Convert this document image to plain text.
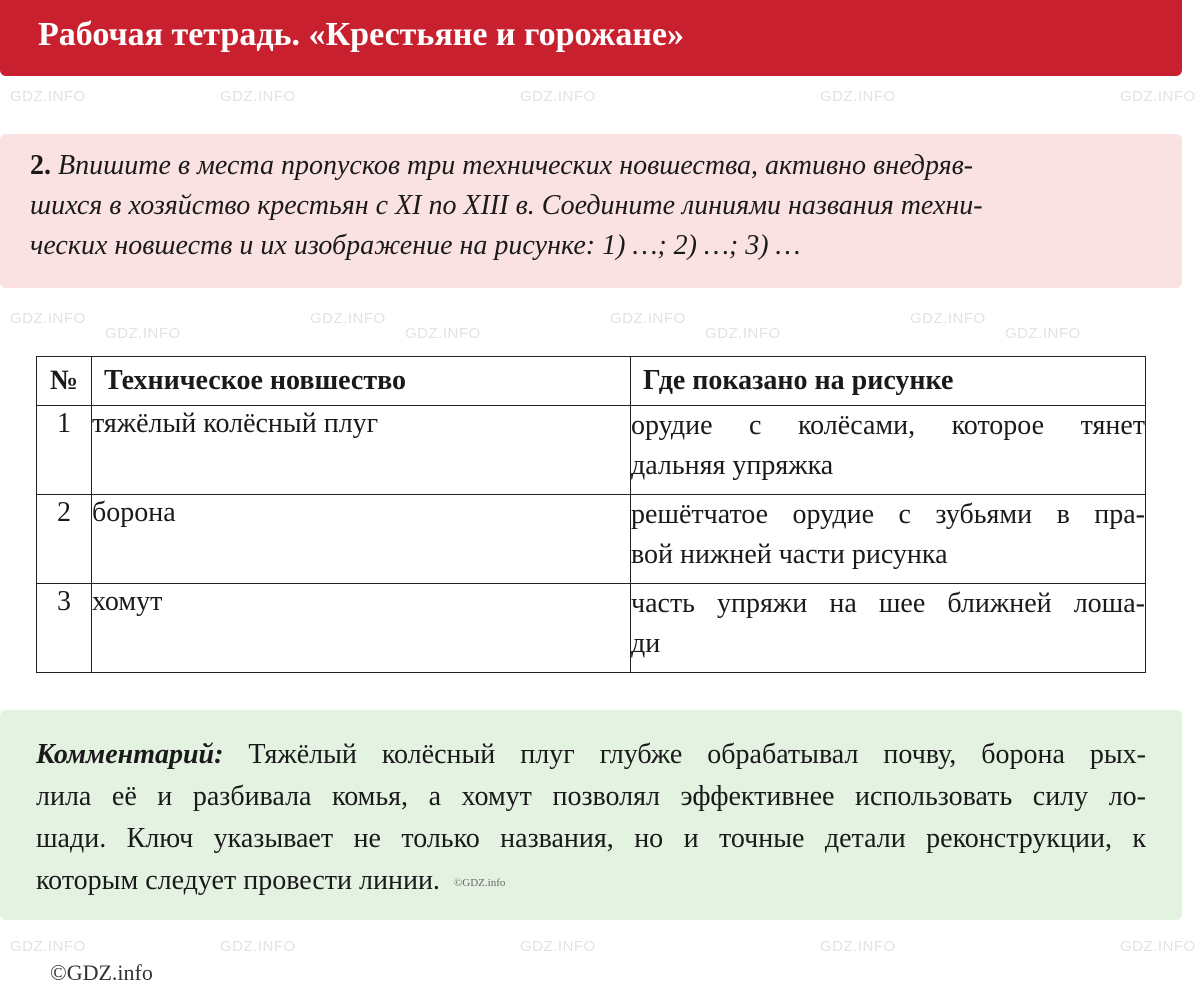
GDZ.INFO	GDZ.INFO	GDZ.INFO	GDZ.INFO	GDZ.INFO
GDZ.INFO
GDZ.INFO
GDZ.INFO
GDZ.INFO
GDZ.INFO
GDZ.INFO
GDZ.INFO
GDZ.INFO
GDZ.INFO	GDZ.INFO	GDZ.INFO	GDZ.INFO	GDZ.INFO
Рабочая тетрадь. «Крестьяне и горожане»
2. Впишите в места пропусков три технических новшества, активно внедряв-
шихся в хозяйство крестьян с XI по XIII в. Соедините линиями названия техни-
ческих новшеств и их изображение на рисунке: 1) …; 2) …; 3) …
№	Техническое новшество	Где показано на рисунке
1	тяжёлый колёсный плуг	орудие с колёсами, которое тянет
дальняя упряжка

2	борона	решётчатое орудие с зубьями в пра-
вой нижней части рисунка

3	хомут	часть упряжи на шее ближней лоша-
ди
Комментарий: Тяжёлый колёсный плуг глубже обрабатывал почву, борона рых-
лила её и разбивала комья, а хомут позволял эффективнее использовать силу ло-
шади. Ключ указывает не только названия, но и точные детали реконструкции, к
которым следует провести линии. ©GDZ.info
©GDZ.info
